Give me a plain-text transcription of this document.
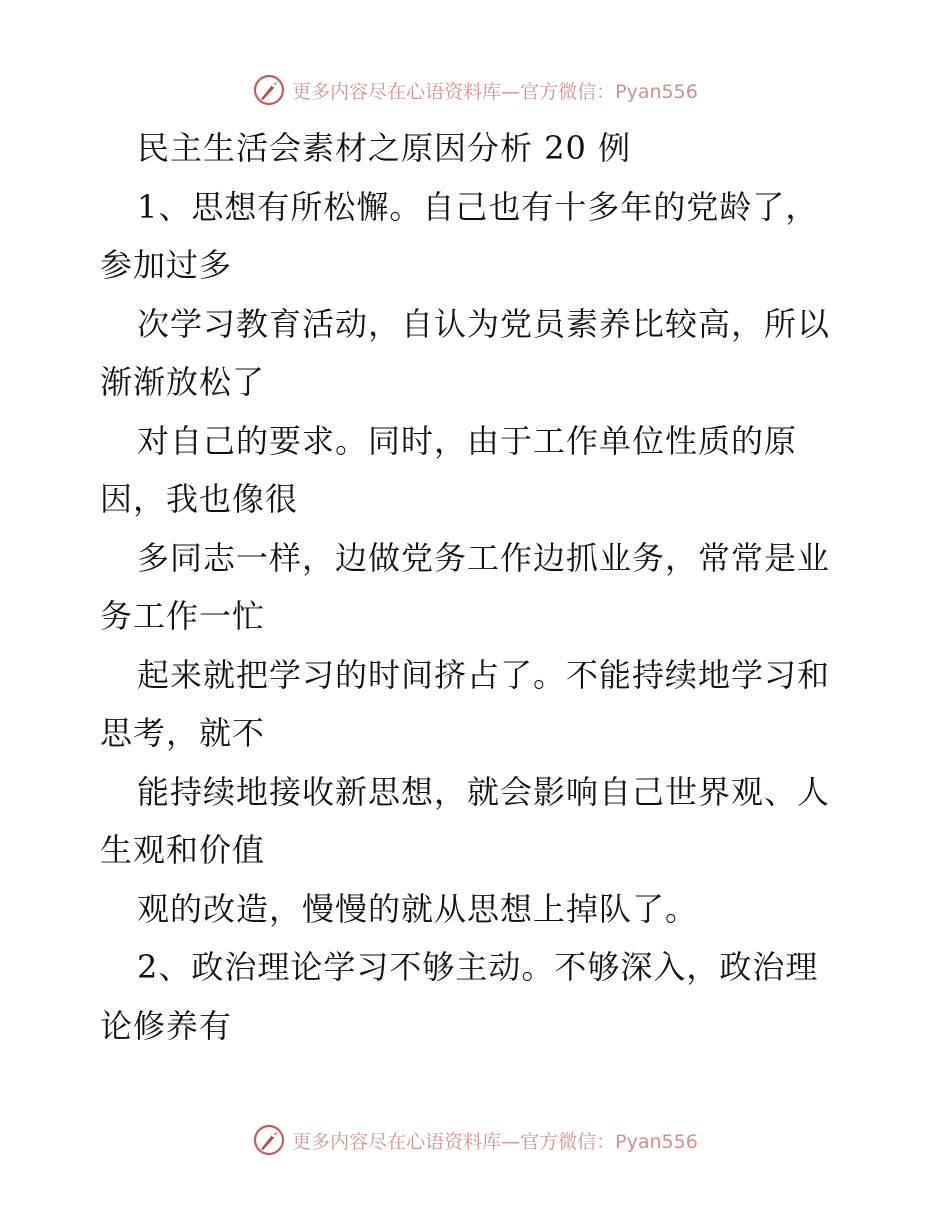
更多内容尽在心语资料库—官方微信：Pyan556
民主生活会素材之原因分析 20 例
1、思想有所松懈。自己也有十多年的党龄了，
参加过多
次学习教育活动，自认为党员素养比较高，所以
渐渐放松了
对自己的要求。同时，由于工作单位性质的原
因，我也像很
多同志一样，边做党务工作边抓业务，常常是业
务工作一忙
起来就把学习的时间挤占了。不能持续地学习和
思考，就不
能持续地接收新思想，就会影响自己世界观、人
生观和价值
观的改造，慢慢的就从思想上掉队了。
2、政治理论学习不够主动。不够深入，政治理
论修养有
更多内容尽在心语资料库—官方微信：Pyan556
